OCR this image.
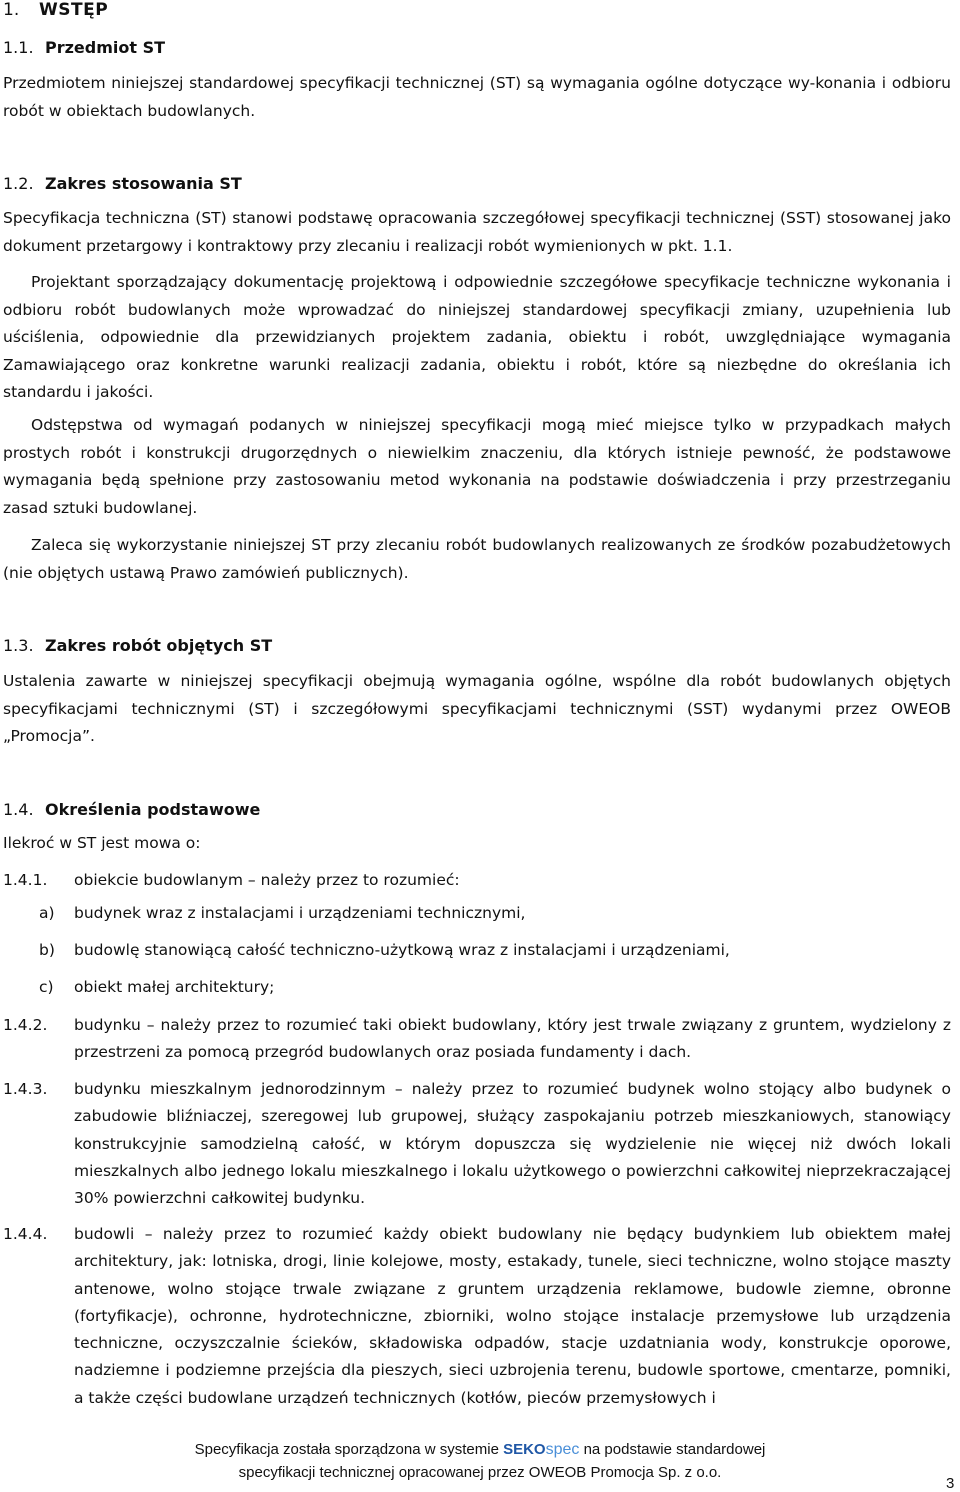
1. WSTĘP
1.1. Przedmiot ST
Przedmiotem niniejszej standardowej specyfikacji technicznej (ST) są wymagania ogólne dotyczące wy-konania i odbioru robót w obiektach budowlanych.
1.2. Zakres stosowania ST
Specyfikacja techniczna (ST) stanowi podstawę opracowania szczegółowej specyfikacji technicznej (SST) stosowanej jako dokument przetargowy i kontraktowy przy zlecaniu i realizacji robót wymienionych w pkt. 1.1.
Projektant sporządzający dokumentację projektową i odpowiednie szczegółowe specyfikacje techniczne wykonania i odbioru robót budowlanych może wprowadzać do niniejszej standardowej specyfikacji zmiany, uzupełnienia lub uściślenia, odpowiednie dla przewidzianych projektem zadania, obiektu i robót, uwzględniające wymagania Zamawiającego oraz konkretne warunki realizacji zadania, obiektu i robót, które są niezbędne do określania ich standardu i jakości.
Odstępstwa od wymagań podanych w niniejszej specyfikacji mogą mieć miejsce tylko w przypadkach małych prostych robót i konstrukcji drugorzędnych o niewielkim znaczeniu, dla których istnieje pewność, że podstawowe wymagania będą spełnione przy zastosowaniu metod wykonania na podstawie doświadczenia i przy przestrzeganiu zasad sztuki budowlanej.
Zaleca się wykorzystanie niniejszej ST przy zlecaniu robót budowlanych realizowanych ze środków pozabudżetowych (nie objętych ustawą Prawo zamówień publicznych).
1.3. Zakres robót objętych ST
Ustalenia zawarte w niniejszej specyfikacji obejmują wymagania ogólne, wspólne dla robót budowlanych objętych specyfikacjami technicznymi (ST) i szczegółowymi specyfikacjami technicznymi (SST) wydanymi przez OWEOB „Promocja”.
1.4. Określenia podstawowe
Ilekroć w ST jest mowa o:
1.4.1.	obiekcie budowlanym – należy przez to rozumieć:
a) budynek wraz z instalacjami i urządzeniami technicznymi,
b) budowlę stanowiącą całość techniczno-użytkową wraz z instalacjami i urządzeniami,
c) obiekt małej architektury;
1.4.2.	budynku – należy przez to rozumieć taki obiekt budowlany, który jest trwale związany z gruntem, wydzielony z przestrzeni za pomocą przegród budowlanych oraz posiada fundamenty i dach.
1.4.3.	budynku mieszkalnym jednorodzinnym – należy przez to rozumieć budynek wolno stojący albo budynek o zabudowie bliźniaczej, szeregowej lub grupowej, służący zaspokajaniu potrzeb mieszkaniowych, stanowiący konstrukcyjnie samodzielną całość, w którym dopuszcza się wydzielenie nie więcej niż dwóch lokali mieszkalnych albo jednego lokalu mieszkalnego i lokalu użytkowego o powierzchni całkowitej nieprzekraczającej 30% powierzchni całkowitej budynku.
1.4.4.	budowli – należy przez to rozumieć każdy obiekt budowlany nie będący budynkiem lub obiektem małej architektury, jak: lotniska, drogi, linie kolejowe, mosty, estakady, tunele, sieci techniczne, wolno stojące maszty antenowe, wolno stojące trwale związane z gruntem urządzenia reklamowe, budowle ziemne, obronne (fortyfikacje), ochronne, hydrotechniczne, zbiorniki, wolno stojące instalacje przemysłowe lub urządzenia techniczne, oczyszczalnie ścieków, składowiska odpadów, stacje uzdatniania wody, konstrukcje oporowe, nadziemne i podziemne przejścia dla pieszych, sieci uzbrojenia terenu, budowle sportowe, cmentarze, pomniki, a także części budowlane urządzeń technicznych (kotłów, pieców przemysłowych i
Specyfikacja została sporządzona w systemie SEKOspec na podstawie standardowej
specyfikacji technicznej opracowanej przez OWEOB Promocja Sp. z o.o.
3
